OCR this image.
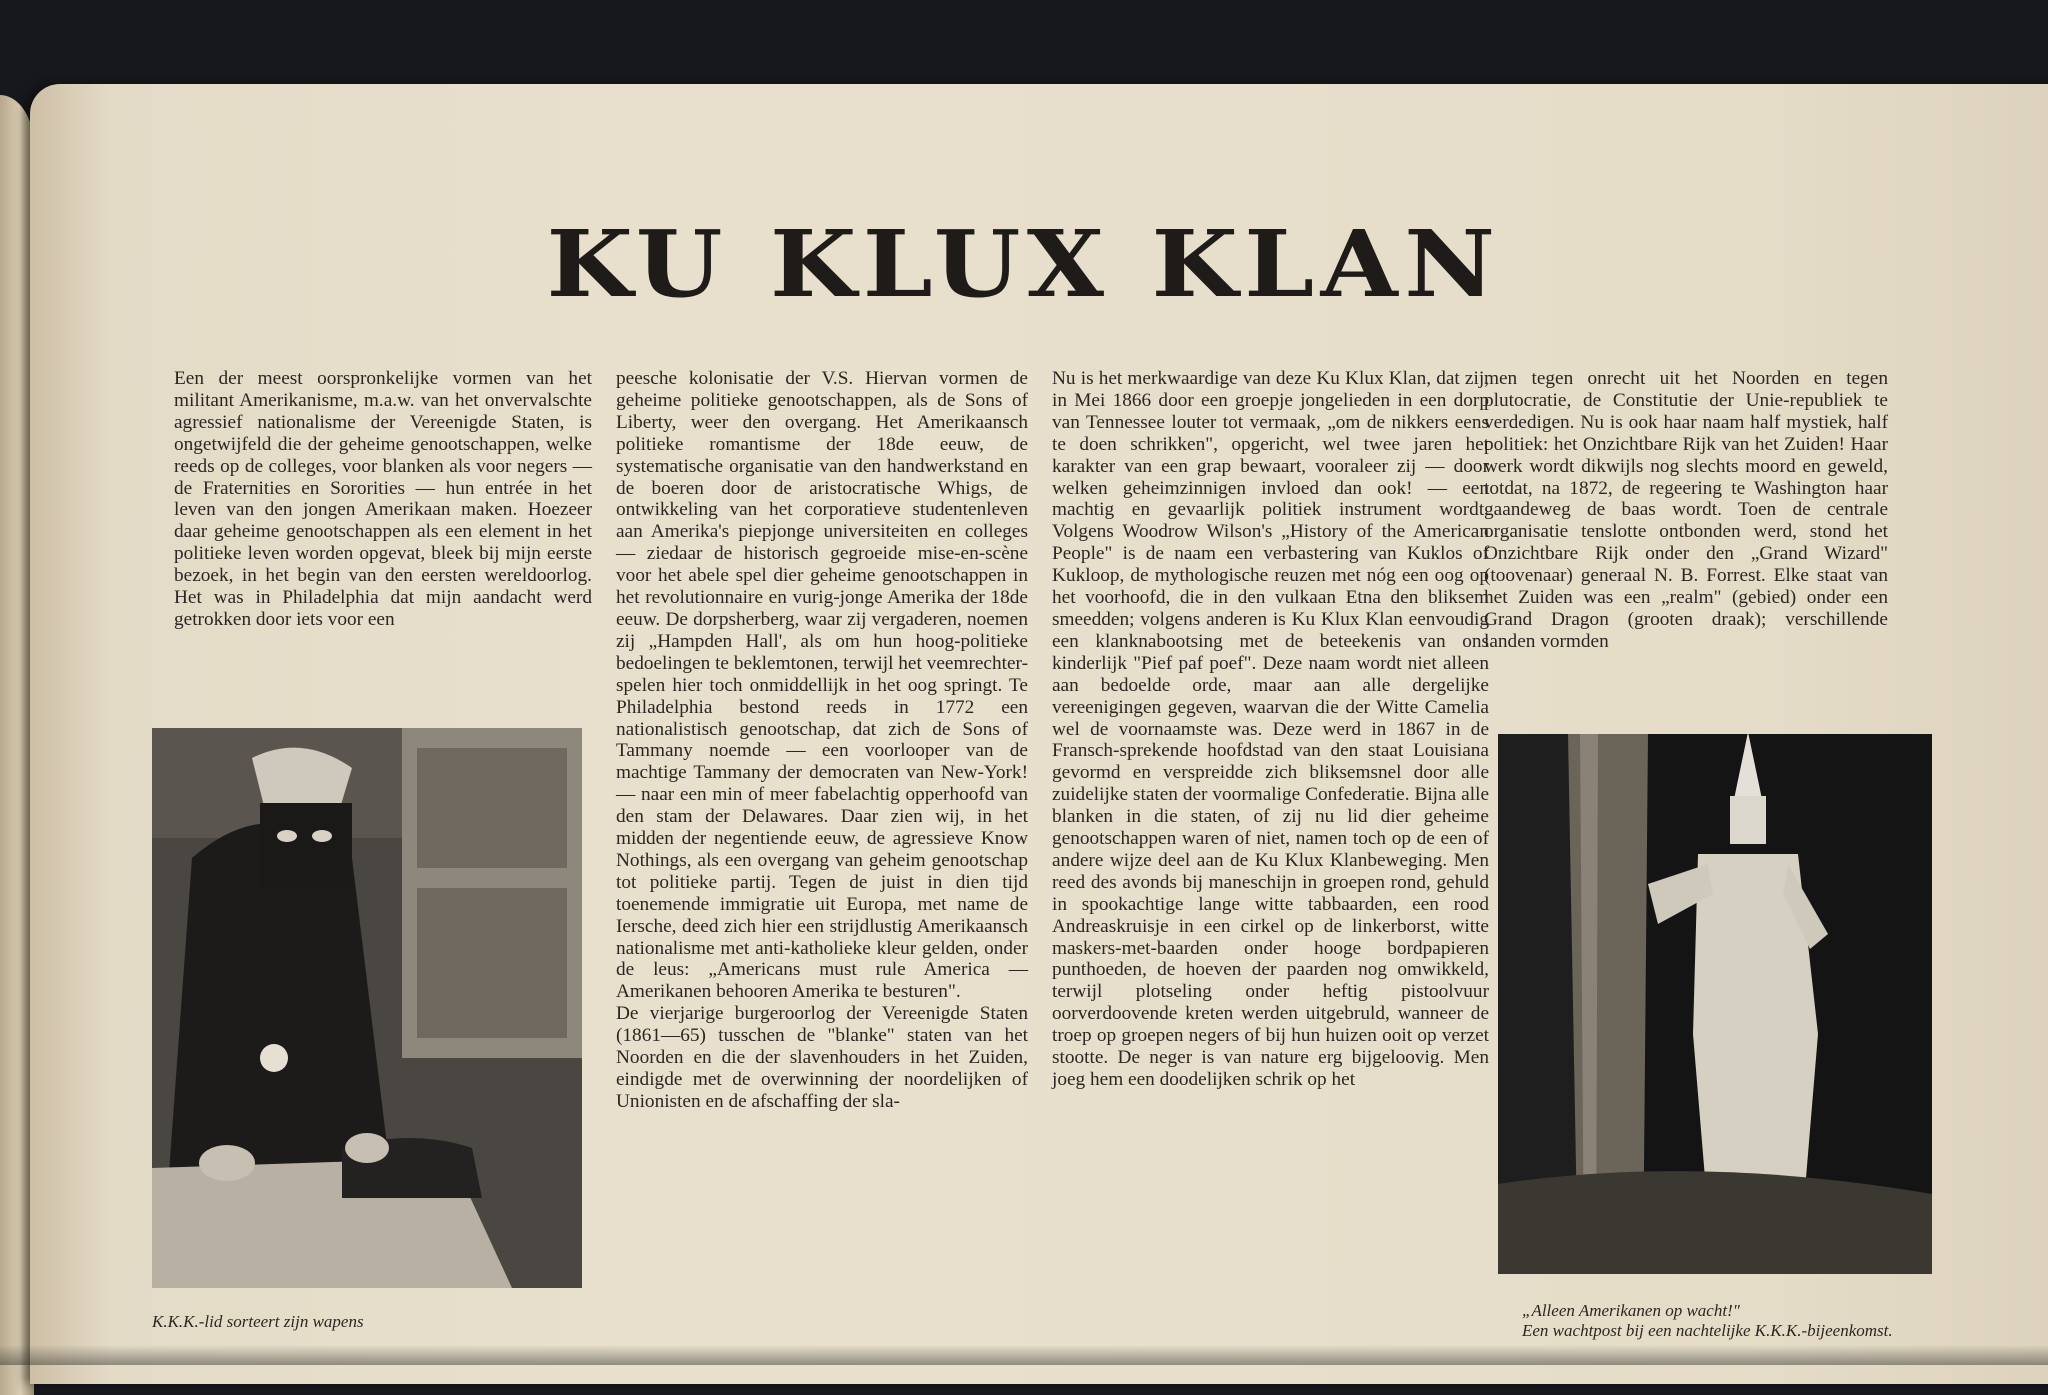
KU KLUX KLAN

Een der meest oorspronkelijke vormen van het militant Amerikanisme, m.a.w. van het onvervalschte agressief nationalisme der Vereenigde Staten, is ongetwijfeld die der geheime genootschappen, welke reeds op de colleges, voor blanken als voor negers — de Fraternities en Sororities — hun entrée in het leven van den jongen Amerikaan maken. Hoezeer daar geheime genootschappen als een element in het politieke leven worden opgevat, bleek bij mijn eerste bezoek, in het begin van den eersten wereldoorlog. Het was in Philadelphia dat mijn aandacht werd getrokken door iets voor een

K.K.K.-lid sorteert zijn wapens

peesche kolonisatie der V.S. Hiervan vormen de geheime politieke genootschappen, als de Sons of Liberty, weer den overgang. Het Amerikaansch politieke romantisme der 18de eeuw, de systematische organisatie van den handwerkstand en de boeren door de aristocratische Whigs, de ontwikkeling van het corporatieve studentenleven aan Amerika's piepjonge universiteiten en colleges — ziedaar de historisch gegroeide mise-en-scène voor het abele spel dier geheime genootschappen in het revolutionnaire en vurig-jonge Amerika der 18de eeuw. De dorpsherberg, waar zij vergaderen, noemen zij „Hampden Hall', als om hun hoog-politieke bedoelingen te beklemtonen, terwijl het veemrechter-spelen hier toch onmiddellijk in het oog springt. Te Philadelphia bestond reeds in 1772 een nationalistisch genootschap, dat zich de Sons of Tammany noemde — een voorlooper van de machtige Tammany der democraten van New-York! — naar een min of meer fabelachtig opperhoofd van den stam der Delawares. Daar zien wij, in het midden der negentiende eeuw, de agressieve Know Nothings, als een overgang van geheim genootschap tot politieke partij. Tegen de juist in dien tijd toenemende immigratie uit Europa, met name de Iersche, deed zich hier een strijdlustig Amerikaansch nationalisme met anti-katholieke kleur gelden, onder de leus: „Americans must rule America — Amerikanen behooren Amerika te besturen".

De vierjarige burgeroorlog der Vereenigde Staten (1861—65) tusschen de "blanke" staten van het Noorden en die der slavenhouders in het Zuiden, eindigde met de overwinning der noordelijken of Unionisten en de afschaffing der sla-

Nu is het merkwaardige van deze Ku Klux Klan, dat zij, in Mei 1866 door een groepje jongelieden in een dorp van Tennessee louter tot vermaak, „om de nikkers eens te doen schrikken", opgericht, wel twee jaren het karakter van een grap bewaart, vooraleer zij — door welken geheimzinnigen invloed dan ook! — een machtig en gevaarlijk politiek instrument wordt. Volgens Woodrow Wilson's „History of the American People" is de naam een verbastering van Kuklos of Kukloop, de mythologische reuzen met nóg een oog op het voorhoofd, die in den vulkaan Etna den bliksem smeedden; volgens anderen is Ku Klux Klan eenvoudig een klanknabootsing met de beteekenis van ons kinderlijk "Pief paf poef". Deze naam wordt niet alleen aan bedoelde orde, maar aan alle dergelijke vereenigingen gegeven, waarvan die der Witte Camelia wel de voornaamste was. Deze werd in 1867 in de Fransch-sprekende hoofdstad van den staat Louisiana gevormd en verspreidde zich bliksemsnel door alle zuidelijke staten der voormalige Confederatie. Bijna alle blanken in die staten, of zij nu lid dier geheime genootschappen waren of niet, namen toch op de een of andere wijze deel aan de Ku Klux Klanbeweging. Men reed des avonds bij maneschijn in groepen rond, gehuld in spookachtige lange witte tabbaarden, een rood Andreaskruisje in een cirkel op de linkerborst, witte maskers-met-baarden onder hooge bordpapieren punthoeden, de hoeven der paarden nog omwikkeld, terwijl plotseling onder heftig pistoolvuur oorverdoovende kreten werden uitgebruld, wanneer de troep op groepen negers of bij hun huizen ooit op verzet stootte. De neger is van nature erg bijgeloovig. Men joeg hem een doodelijken schrik op het

men tegen onrecht uit het Noorden en tegen plutocratie, de Constitutie der Unie-republiek te verdedigen. Nu is ook haar naam half mystiek, half politiek: het Onzichtbare Rijk van het Zuiden! Haar werk wordt dikwijls nog slechts moord en geweld, totdat, na 1872, de regeering te Washington haar gaandeweg de baas wordt. Toen de centrale organisatie tenslotte ontbonden werd, stond het Onzichtbare Rijk onder den „Grand Wizard" (toovenaar) generaal N. B. Forrest. Elke staat van het Zuiden was een „realm" (gebied) onder een Grand Dragon (grooten draak); verschillende landen vormden

„Alleen Amerikanen op wacht!"
Een wachtpost bij een nachtelijke K.K.K.-bijeenkomst.
